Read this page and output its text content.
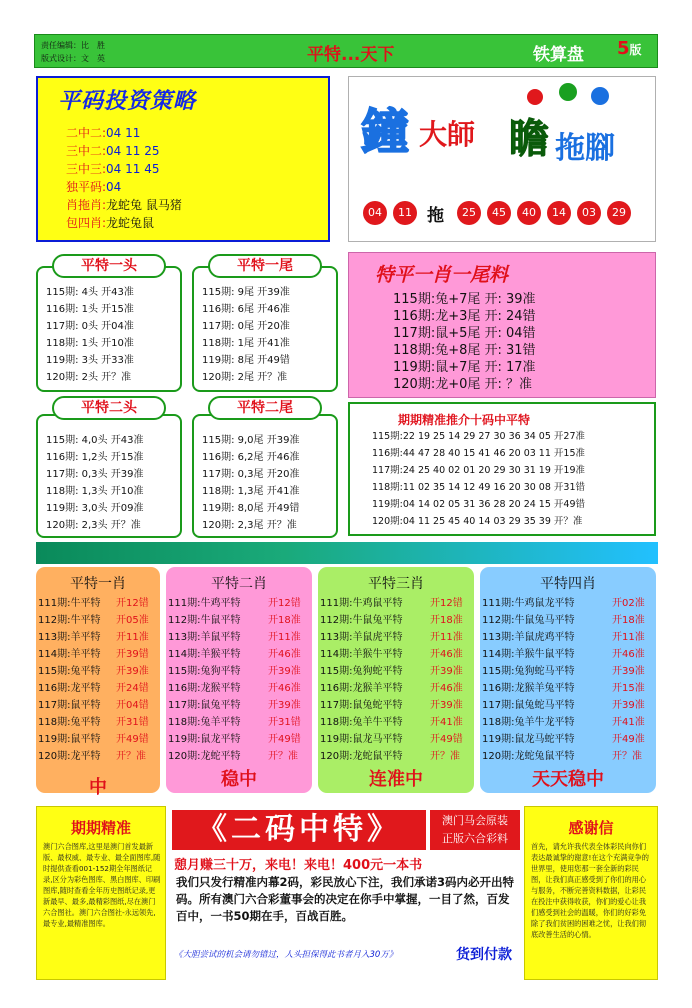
责任编辑：比　胜
版式设计：文　英	平特...天下	铁算盘 5版
平码投资策略
二中二:04 11
三中二:04 11 25
三中三:04 11 45
独平码:04
肖拖肖:龙蛇兔 鼠马猪
包四肖:龙蛇兔鼠
鐘 大師 瞻 拖腳
04	11 拖	25	45	40	14	03	29
115期: 4头 开43准
116期: 1头 开15准
117期: 0头 开04准
118期: 1头 开10准
119期: 3头 开33准
120期: 2头 开？准
平特一头
115期: 9尾 开39准
116期: 6尾 开46准
117期: 0尾 开20准
118期: 1尾 开41准
119期: 8尾 开49错
120期: 2尾 开？准
平特一尾
115期: 4,0头 开43准
116期: 1,2头 开15准
117期: 0,3头 开39准
118期: 1,3头 开10准
119期: 3,0头 开09准
120期: 2,3头 开？准
平特二头
115期: 9,0尾 开39准
116期: 6,2尾 开46准
117期: 0,3尾 开20准
118期: 1,3尾 开41准
119期: 8,0尾 开49错
120期: 2,3尾 开？准
平特二尾
特平一肖一尾料
115期:兔+7尾 开: 39准
116期:龙+3尾 开: 24错
117期:鼠+5尾 开: 04错
118期:兔+8尾 开: 31错
119期:鼠+7尾 开: 17准
120期:龙+0尾 开: ？准
期期精准推介十码中平特
115期:22 19 25 14 29 27 30 36 34 05 开27准
116期:44 47 28 40 15 41 46 20 03 11 开15准
117期:24 25 40 02 01 20 29 30 31 19 开19准
118期:11 02 35 14 12 49 16 20 30 08 开31错
119期:04 14 02 05 31 36 28 20 24 15 开49错
120期:04 11 25 45 40 14 03 29 35 39 开？准
平特一肖
111期:牛平特 开12错
112期:牛平特 开05准
113期:羊平特 开11准
114期:羊平特 开39错
115期:兔平特 开39准
116期:龙平特 开24错
117期:鼠平特 开04错
118期:兔平特 开31错
119期:鼠平特 开49错
120期:龙平特 开？准
中
平特二肖
111期:牛鸡平特	开12错
112期:牛鼠平特	开18准
113期:羊鼠平特	开11准
114期:羊猴平特	开46准
115期:兔狗平特	开39准
116期:龙猴平特	开46准
117期:鼠兔平特	开39准
118期:兔羊平特	开31错
119期:鼠龙平特	开49错
120期:龙蛇平特	开？准
稳中
平特三肖
111期:牛鸡鼠平特	开12错
112期:牛鼠兔平特	开18准
113期:羊鼠虎平特	开11准
114期:羊猴牛平特	开46准
115期:兔狗蛇平特	开39准
116期:龙猴羊平特	开46准
117期:鼠兔蛇平特	开39准
118期:兔羊牛平特	开41准
119期:鼠龙马平特	开49错
120期:龙蛇鼠平特	开？准
连准中
平特四肖
111期:牛鸡鼠龙平特	开02准
112期:牛鼠兔马平特	开18准
113期:羊鼠虎鸡平特	开11准
114期:羊猴牛鼠平特	开46准
115期:兔狗蛇马平特	开39准
116期:龙猴羊兔平特	开15准
117期:鼠兔蛇马平特	开39准
118期:兔羊牛龙平特	开41准
119期:鼠龙马蛇平特	开49准
120期:龙蛇兔鼠平特	开？准
天天稳中
期期精准

澳门六合图库,这里是澳门首发最新版、最权威、最专业、最全面图库,随时提供查看001-152期全年图纸记录,区分为彩色图库、黑白图库、印刷图库,随时查看全年历史图纸记录,更新最早、最多,最精彩图纸,尽在澳门六合图社。澳门六合图社-永远领先,最专业,最精准图库。

《二码中特》	澳门马会原装
正版六合彩料
憩月赚三十万，来电！来电！400元一本书
我们只发行精准内幕2码，彩民放心下注，我们承诺3码内必开出特码。所有澳门六合彩董事会的决定在你手中掌握，一目了然，百发百中，一书50期在手，百战百胜。
《大胆尝试的机会请勿错过，人头担保得此书者月入30万》	货到付款
感谢信

首先，请允许我代表全体彩民向你们表达最诚挚的谢意!在这个充满竞争的世界里，使用您那一套全新的彩民图，让我们真正感受到了你们的用心与服务，不断完善资料数据，让彩民在投注中获得收获，你们的爱心让我们感受到社会的温暖，你们的好彩免除了我们贫困的困难之忧，让我们彻底改善生活的心情。
